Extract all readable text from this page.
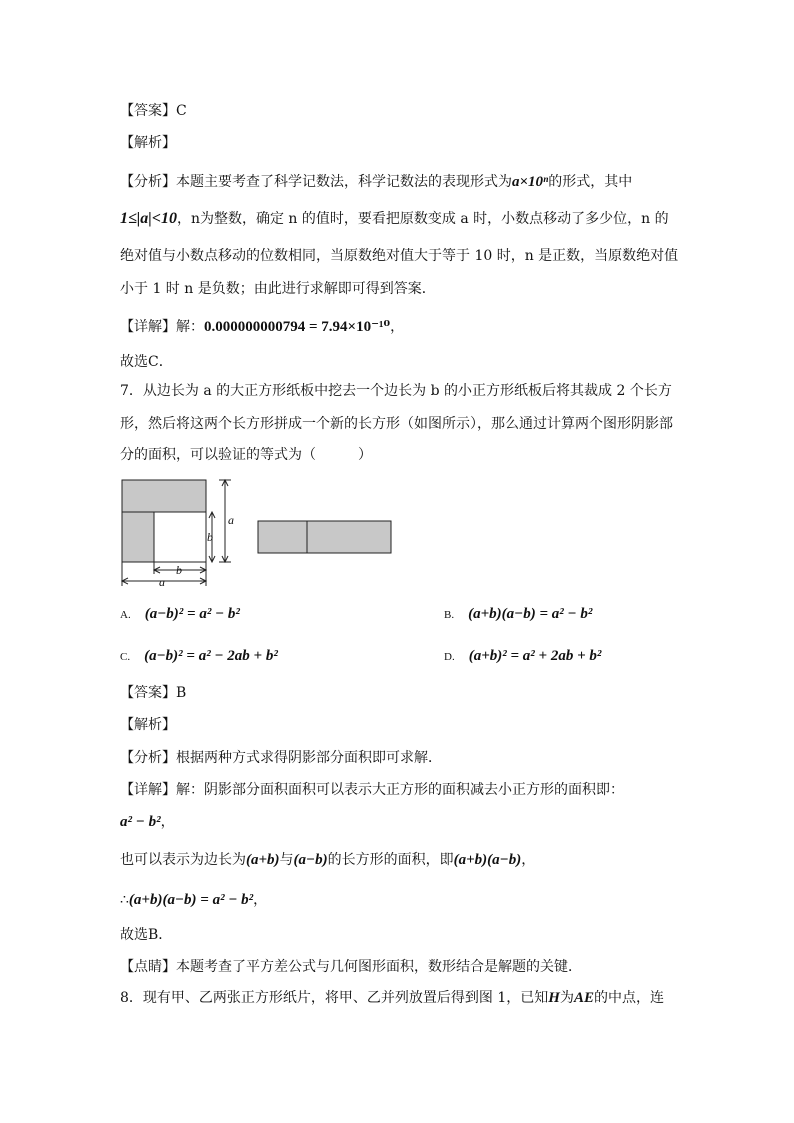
【答案】C
【解析】
【分析】本题主要考查了科学记数法，科学记数法的表现形式为a×10ⁿ的形式，其中
1≤|a|<10，n为整数，确定 n 的值时，要看把原数变成 a 时，小数点移动了多少位，n 的
绝对值与小数点移动的位数相同，当原数绝对值大于等于 10 时，n 是正数，当原数绝对值
小于 1 时 n 是负数；由此进行求解即可得到答案．
【详解】解：0.000000000794 = 7.94×10⁻¹⁰，
故选C．
7．从边长为 a 的大正方形纸板中挖去一个边长为 b 的小正方形纸板后将其裁成 2 个长方
形，然后将这两个长方形拼成一个新的长方形（如图所示），那么通过计算两个图形阴影部
分的面积，可以验证的等式为（　　　）
a
b
b
a
A. (a−b)² = a² − b²	B. (a+b)(a−b) = a² − b²
C. (a−b)² = a² − 2ab + b²	D. (a+b)² = a² + 2ab + b²
【答案】B
【解析】
【分析】根据两种方式求得阴影部分面积即可求解．
【详解】解：阴影部分面积面积可以表示大正方形的面积减去小正方形的面积即：
a² − b²，
也可以表示为边长为(a+b)与(a−b)的长方形的面积，即(a+b)(a−b)，
∴(a+b)(a−b) = a² − b²，
故选B．
【点睛】本题考查了平方差公式与几何图形面积，数形结合是解题的关键．
8．现有甲、乙两张正方形纸片，将甲、乙并列放置后得到图 1，已知H为AE的中点，连
